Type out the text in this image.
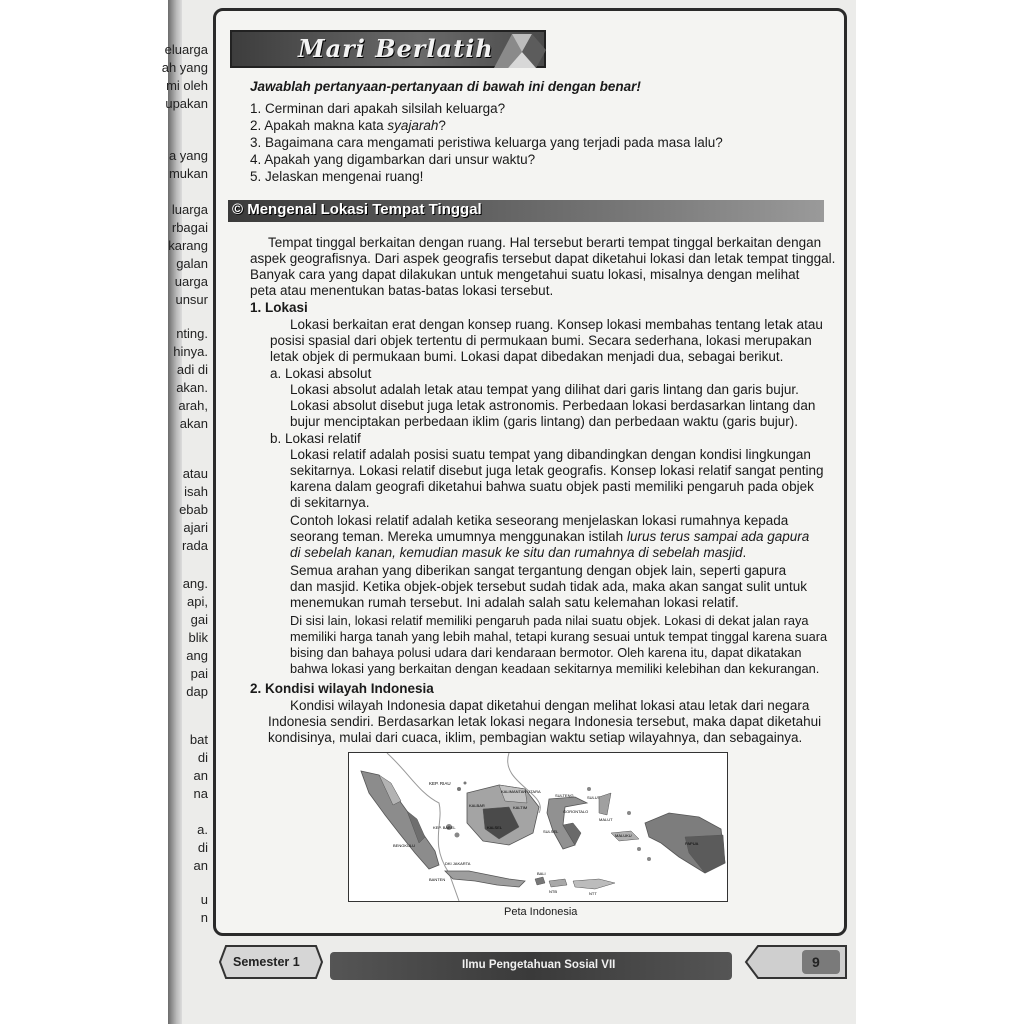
eluarga
ah yang
mi oleh
upakan
a yang
mukan
luarga
rbagai
karang
galan
uarga
unsur
nting.
hinya.
adi di
akan.
arah,
akan
atau
isah
ebab
ajari
rada
ang.
api,
gai
blik
ang
pai
dap
bat
di
an
na
a.
di
an
u
n
Mari Berlatih
Jawablah pertanyaan-pertanyaan di bawah ini dengan benar!
1. Cerminan dari apakah silsilah keluarga?
2. Apakah makna kata syajarah?
3. Bagaimana cara mengamati peristiwa keluarga yang terjadi pada masa lalu?
4. Apakah yang digambarkan dari unsur waktu?
5. Jelaskan mengenai ruang!
© Mengenal Lokasi Tempat Tinggal
Tempat tinggal berkaitan dengan ruang. Hal tersebut berarti tempat tinggal berkaitan dengan
aspek geografisnya. Dari aspek geografis tersebut dapat diketahui lokasi dan letak tempat tinggal.
Banyak cara yang dapat dilakukan untuk mengetahui suatu lokasi, misalnya dengan melihat
peta atau menentukan batas-batas lokasi tersebut.
1. Lokasi
Lokasi berkaitan erat dengan konsep ruang. Konsep lokasi membahas tentang letak atau
posisi spasial dari objek tertentu di permukaan bumi. Secara sederhana, lokasi merupakan
letak objek di permukaan bumi. Lokasi dapat dibedakan menjadi dua, sebagai berikut.
a. Lokasi absolut
Lokasi absolut adalah letak atau tempat yang dilihat dari garis lintang dan garis bujur.
Lokasi absolut disebut juga letak astronomis. Perbedaan lokasi berdasarkan lintang dan
bujur menciptakan perbedaan iklim (garis lintang) dan perbedaan waktu (garis bujur).
b. Lokasi relatif
Lokasi relatif adalah posisi suatu tempat yang dibandingkan dengan kondisi lingkungan
sekitarnya. Lokasi relatif disebut juga letak geografis. Konsep lokasi relatif sangat penting
karena dalam geografi diketahui bahwa suatu objek pasti memiliki pengaruh pada objek
di sekitarnya.
Contoh lokasi relatif adalah ketika seseorang menjelaskan lokasi rumahnya kepada
seorang teman. Mereka umumnya menggunakan istilah lurus terus sampai ada gapura
di sebelah kanan, kemudian masuk ke situ dan rumahnya di sebelah masjid.
Semua arahan yang diberikan sangat tergantung dengan objek lain, seperti gapura
dan masjid. Ketika objek-objek tersebut sudah tidak ada, maka akan sangat sulit untuk
menemukan rumah tersebut. Ini adalah salah satu kelemahan lokasi relatif.
Di sisi lain, lokasi relatif memiliki pengaruh pada nilai suatu objek. Lokasi di dekat jalan raya
memiliki harga tanah yang lebih mahal, tetapi kurang sesuai untuk tempat tinggal karena suara
bising dan bahaya polusi udara dari kendaraan bermotor. Oleh karena itu, dapat dikatakan
bahwa lokasi yang berkaitan dengan keadaan sekitarnya memiliki kelebihan dan kekurangan.
2. Kondisi wilayah Indonesia
Kondisi wilayah Indonesia dapat diketahui dengan melihat lokasi atau letak dari negara
Indonesia sendiri. Berdasarkan letak lokasi negara Indonesia tersebut, maka dapat diketahui
kondisinya, mulai dari cuaca, iklim, pembagian waktu setiap wilayahnya, dan sebagainya.
KEP. RIAU
KALIMANTAN UTARA
SULTENG	SULUT
GORONTALO
MALUT
KALBAR	KALTIM
KEP. BABEL	KALSEL
SULSEL
MALUKU
PAPUA
BENGKULU
DKI JAKARTA
BANTEN
BALI
NTB	NTT
Peta Indonesia
Semester 1	Ilmu Pengetahuan Sosial VII	9
